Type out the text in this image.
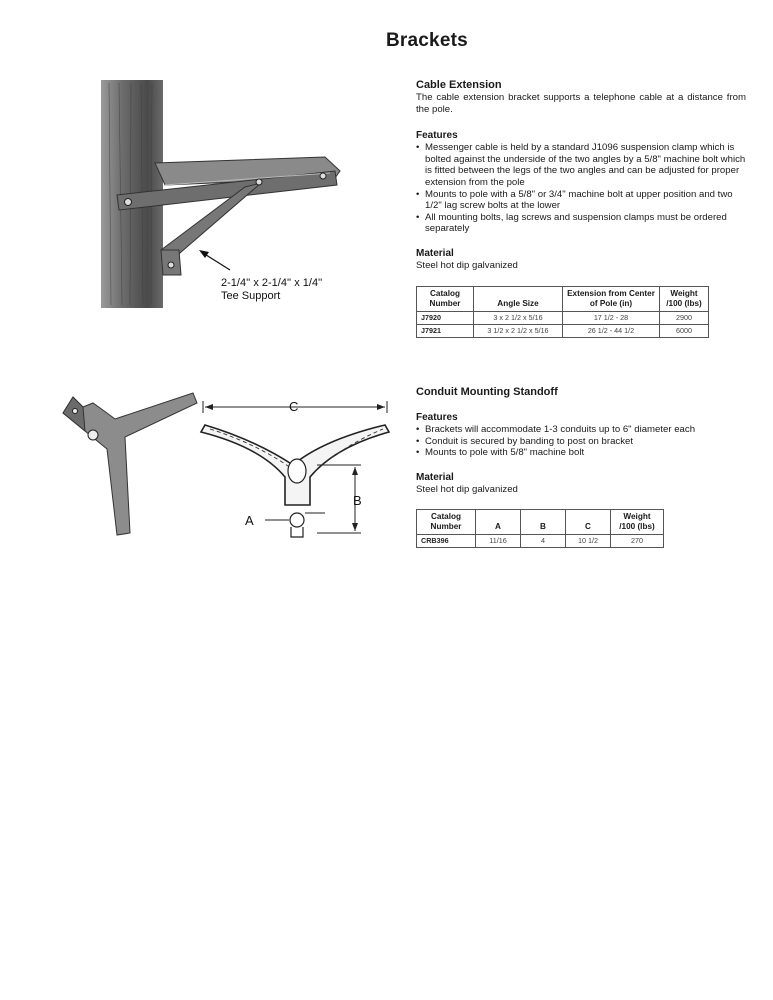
Brackets
2-1/4'' x 2-1/4'' x 1/4''
Tee Support
C
B
A
Cable Extension

The cable extension bracket supports a telephone cable at a distance from the pole.

Features
• Messenger cable is held by a standard J1096 suspension clamp which is bolted against the underside of the two angles by a 5/8" machine bolt which is fitted between the legs of the two angles and can be adjusted for proper extension from the pole
• Mounts to pole with a 5/8" or 3/4" machine bolt at upper position and two 1/2" lag screw bolts at the lower
• All mounting bolts, lag screws and suspension clamps must be ordered separately
Material

Steel hot dip galvanized

Catalog Number	Angle Size	Extension from Center of Pole (in)	Weight /100 (lbs)
J7920	3 x 2 1/2 x 5/16	17 1/2 - 28	2900
J7921	3 1/2 x 2 1/2 x 5/16	26 1/2 - 44 1/2	6000
Conduit Mounting Standoff
Features
• Brackets will accommodate 1-3 conduits up to 6" diameter each
• Conduit is secured by banding to post on bracket
• Mounts to pole with 5/8" machine bolt
Material

Steel hot dip galvanized

Catalog Number	A	B	C	Weight /100 (lbs)
CRB396	11/16	4	10 1/2	270
